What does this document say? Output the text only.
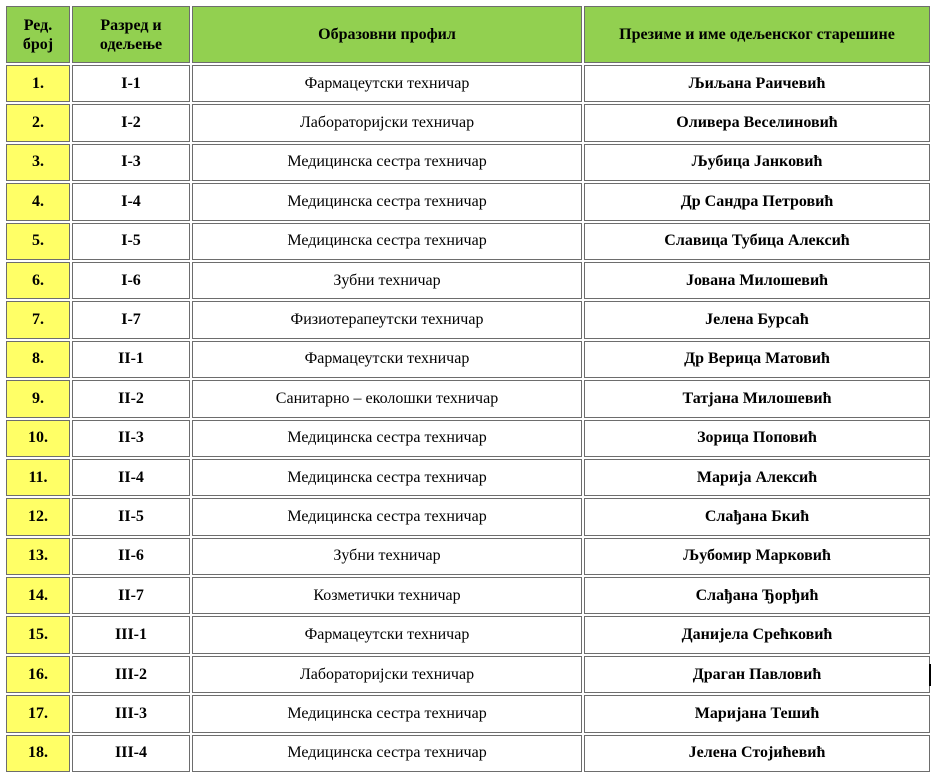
Ред. број	Разред и одељење	Образовни профил	Презиме и име одељенског старешине
1.	I-1	Фармацеутски техничар	Љиљана Раичевић
2.	I-2	Лабораторијски техничар	Оливера Веселиновић
3.	I-3	Медицинска сестра техничар	Љубица Јанковић
4.	I-4	Медицинска сестра техничар	Др Сандра Петровић
5.	I-5	Медицинска сестра техничар	Славица Тубица Алексић
6.	I-6	Зубни техничар	Јована Милошевић
7.	I-7	Физиотерапеутски техничар	Јелена Бурсаћ
8.	II-1	Фармацеутски техничар	Др Верица Матовић
9.	II-2	Санитарно – еколошки техничар	Татјана Милошевић
10.	II-3	Медицинска сестра техничар	Зорица Поповић
11.	II-4	Медицинска сестра техничар	Марија Алексић
12.	II-5	Медицинска сестра техничар	Слађана Бкић
13.	II-6	Зубни техничар	Љубомир Марковић
14.	II-7	Козметички техничар	Слађана Ђорђић
15.	III-1	Фармацеутски техничар	Данијела Срећковић
16.	III-2	Лабораторијски техничар	Драган Павловић
17.	III-3	Медицинска сестра техничар	Маријана Тешић
18.	III-4	Медицинска сестра техничар	Јелена Стојићевић
